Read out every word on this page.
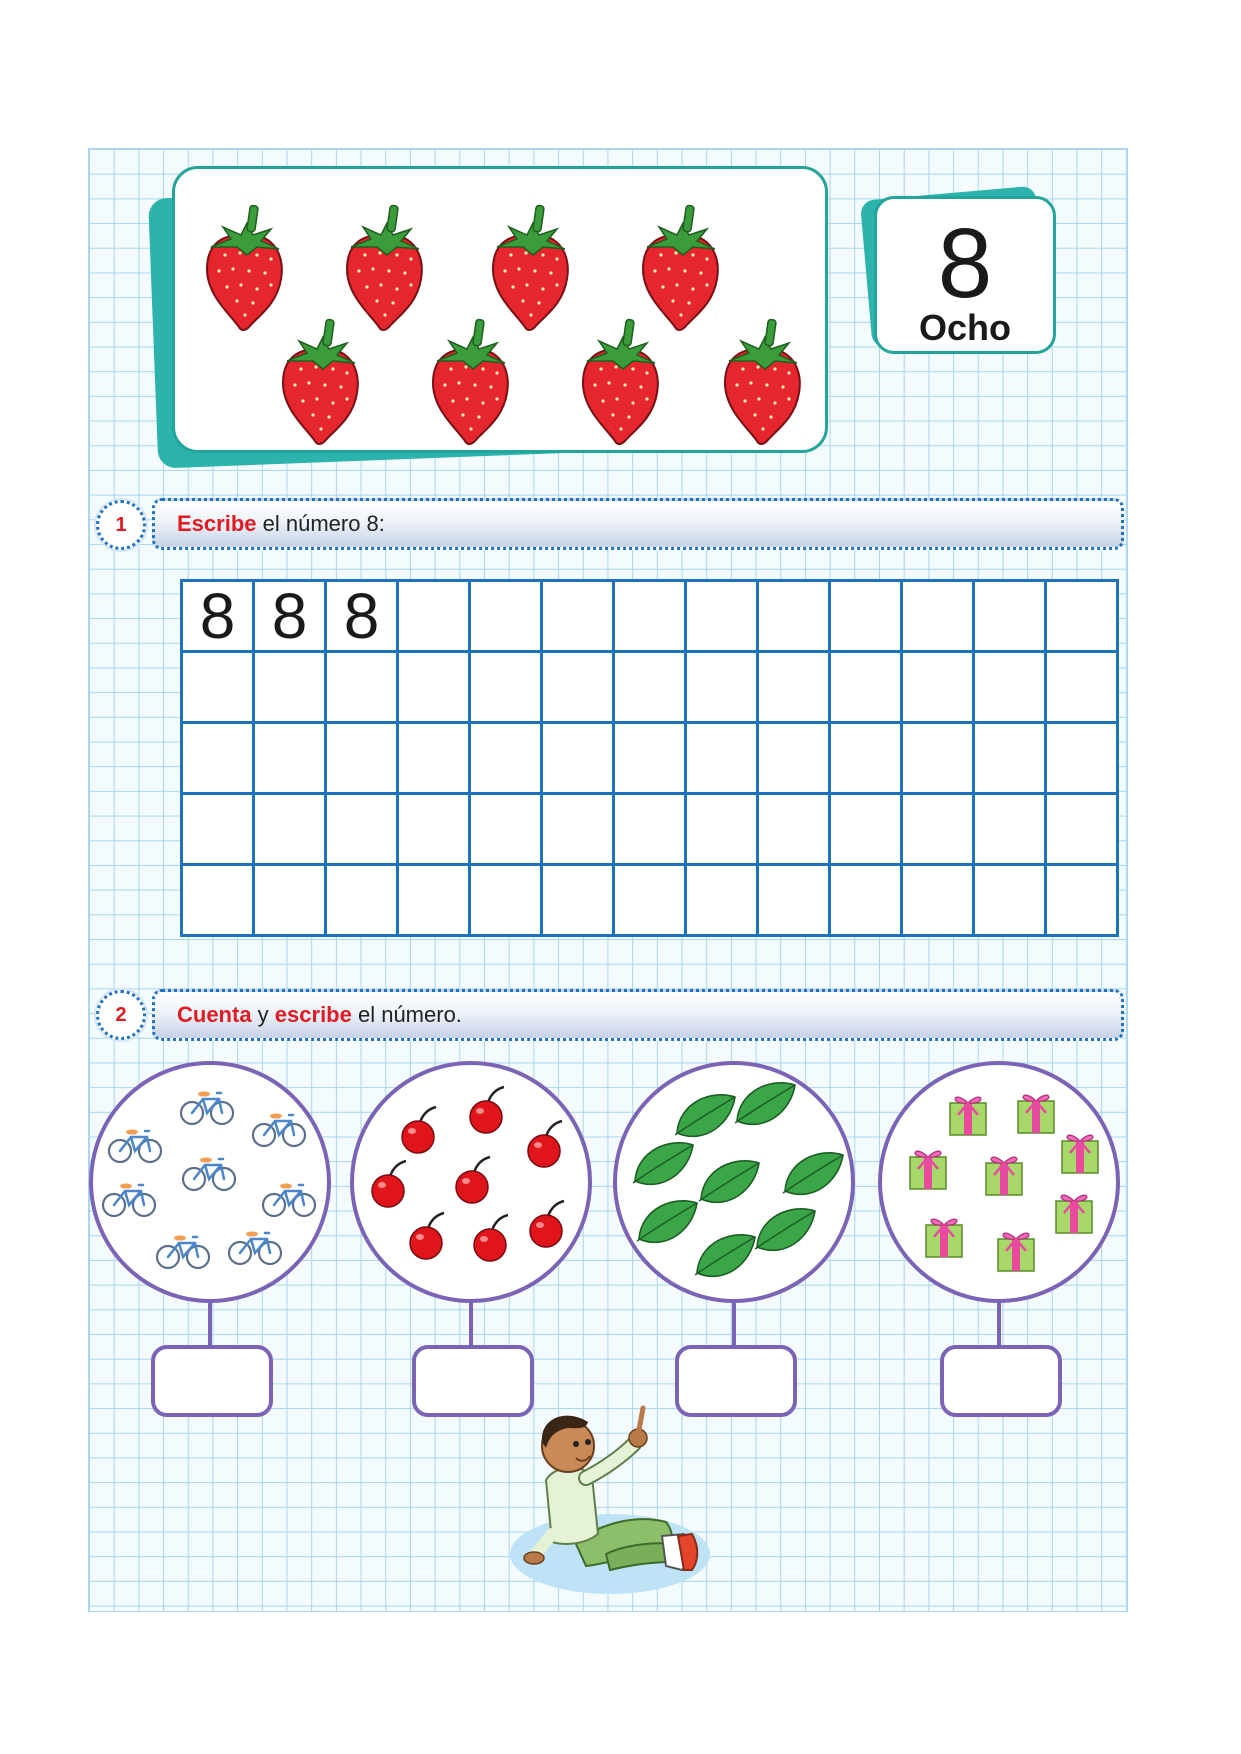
8
Ocho
Escribe el número 8:
1
8	8	8										

Cuenta y escribe el número.
2
